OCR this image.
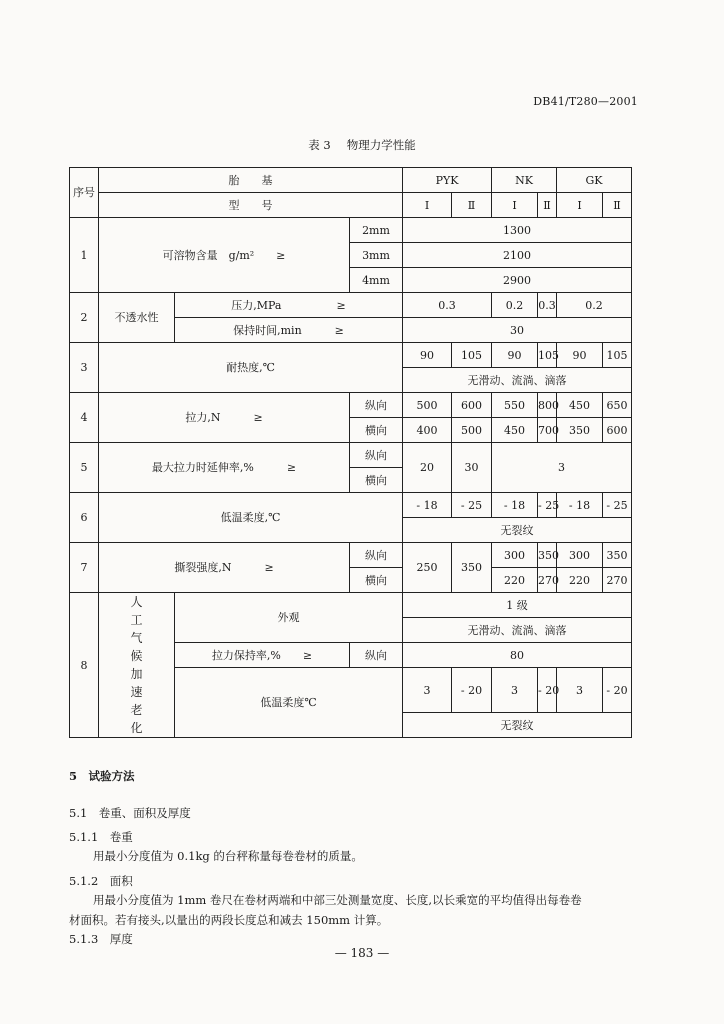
DB41/T280—2001
表 3 物理力学性能
序号	胎　　基			PYK		NK		GK	
	型　　号			Ⅰ	Ⅱ	Ⅰ	Ⅱ	Ⅰ	Ⅱ
1	可溶物含量　g/m²　　≥		2mm	1300					
			3mm	2100					
			4mm	2900					
2	不透水性	压力,MPa　　　　　≥		0.3		0.2	0.3	0.2	
		保持时间,min　　　≥		30					
3	耐热度,℃			90	105	90	105	90	105
				无滑动、流淌、滴落					
4	拉力,N　　　≥		纵向	500	600	550	800	450	650
			横向	400	500	450	700	350	600
5	最大拉力时延伸率,%　　　≥		纵向	20	30	3			
			横向						
6	低温柔度,℃			- 18	- 25	- 18	- 25	- 18	- 25
				无裂纹					
7	撕裂强度,N　　　≥		纵向	250	350	300	350	300	350
			横向			220	270	220	270
8	人工气候加速老化	外观		1 级					
				无滑动、流淌、滴落					
		拉力保持率,%　　≥	纵向	80					
		低温柔度℃		3	- 20	3	- 20	3	- 20

				无裂纹					
5　试验方法
5.1　卷重、面积及厚度
5.1.1　卷重
用最小分度值为 0.1kg 的台秤称量每卷卷材的质量。
5.1.2　面积
用最小分度值为 1mm 卷尺在卷材两端和中部三处测量宽度、长度,以长乘宽的平均值得出每卷卷
材面积。若有接头,以量出的两段长度总和减去 150mm 计算。
5.1.3　厚度
— 183 —
